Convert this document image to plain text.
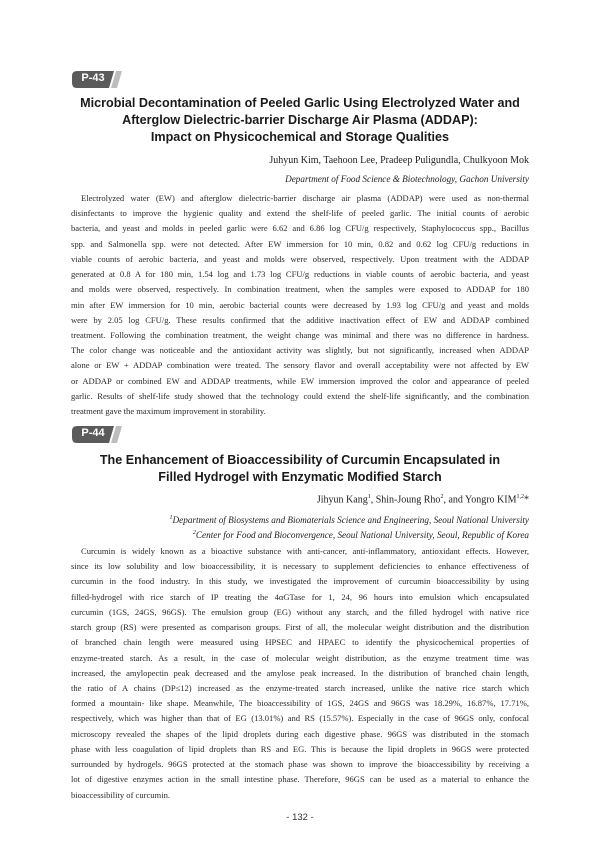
P-43
Microbial Decontamination of Peeled Garlic Using Electrolyzed Water and
Afterglow Dielectric-barrier Discharge Air Plasma (ADDAP):
Impact on Physicochemical and Storage Qualities
Juhyun Kim, Taehoon Lee, Pradeep Puligundla, Chulkyoon Mok
Department of Food Science & Biotechnology, Gachon University
Electrolyzed water (EW) and afterglow dielectric-barrier discharge air plasma (ADDAP) were used as non-thermal
disinfectants to improve the hygienic quality and extend the shelf-life of peeled garlic. The initial counts of aerobic
bacteria, and yeast and molds in peeled garlic were 6.62 and 6.86 log CFU/g respectively, Staphylococcus spp., Bacillus
spp. and Salmonella spp. were not detected. After EW immersion for 10 min, 0.82 and 0.62 log CFU/g reductions in
viable counts of aerobic bacteria, and yeast and molds were observed, respectively. Upon treatment with the ADDAP
generated at 0.8 A for 180 min, 1.54 log and 1.73 log CFU/g reductions in viable counts of aerobic bacteria, and yeast
and molds were observed, respectively. In combination treatment, when the samples were exposed to ADDAP for 180
min after EW immersion for 10 min, aerobic bacterial counts were decreased by 1.93 log CFU/g and yeast and molds
were by 2.05 log CFU/g. These results confirmed that the additive inactivation effect of EW and ADDAP combined
treatment. Following the combination treatment, the weight change was minimal and there was no difference in hardness.
The color change was noticeable and the antioxidant activity was slightly, but not significantly, increased when ADDAP
alone or EW + ADDAP combination were treated. The sensory flavor and overall acceptability were not affected by EW
or ADDAP or combined EW and ADDAP treatments, while EW immersion improved the color and appearance of peeled
garlic. Results of shelf-life study showed that the technology could extend the shelf-life significantly, and the combination
treatment gave the maximum improvement in storability.
P-44
The Enhancement of Bioaccessibility of Curcumin Encapsulated in
Filled Hydrogel with Enzymatic Modified Starch
Jihyun Kang$^1$, Shin-Joung Rho$^2$, and Yongro KIM$^{1,2}$*
$^1$Department of Biosystems and Biomaterials Science and Engineering, Seoul National University
$^2$Center for Food and Bioconvergence, Seoul National University, Seoul, Republic of Korea
Curcumin is widely known as a bioactive substance with anti-cancer, anti-inflammatory, antioxidant effects. However,
since its low solubility and low bioaccessibility, it is necessary to supplement deficiencies to enhance effectiveness of
curcumin in the food industry. In this study, we investigated the improvement of curcumin bioaccessibility by using
filled-hydrogel with rice starch of IP treating the 4αGTase for 1, 24, 96 hours into emulsion which encapsulated
curcumin (1GS, 24GS, 96GS). The emulsion group (EG) without any starch, and the filled hydrogel with native rice
starch group (RS) were presented as comparison groups. First of all, the molecular weight distribution and the distribution
of branched chain length were measured using HPSEC and HPAEC to identify the physicochemical properties of
enzyme-treated starch. As a result, in the case of molecular weight distribution, as the enzyme treatment time was
increased, the amylopectin peak decreased and the amylose peak increased. In the distribution of branched chain length,
the ratio of A chains (DP≤12) increased as the enzyme-treated starch increased, unlike the native rice starch which
formed a mountain- like shape. Meanwhile, The bioaccessibility of 1GS, 24GS and 96GS was 18.29%, 16.87%, 17.71%,
respectively, which was higher than that of EG (13.01%) and RS (15.57%). Especially in the case of 96GS only, confocal
microscopy revealed the shapes of the lipid droplets during each digestive phase. 96GS was distributed in the stomach
phase with less coagulation of lipid droplets than RS and EG. This is because the lipid droplets in 96GS were protected
surrounded by hydrogels. 96GS protected at the stomach phase was shown to improve the bioaccessibility by receiving a
lot of digestive enzymes action in the small intestine phase. Therefore, 96GS can be used as a material to enhance the
bioaccessibility of curcumin.
- 132 -
